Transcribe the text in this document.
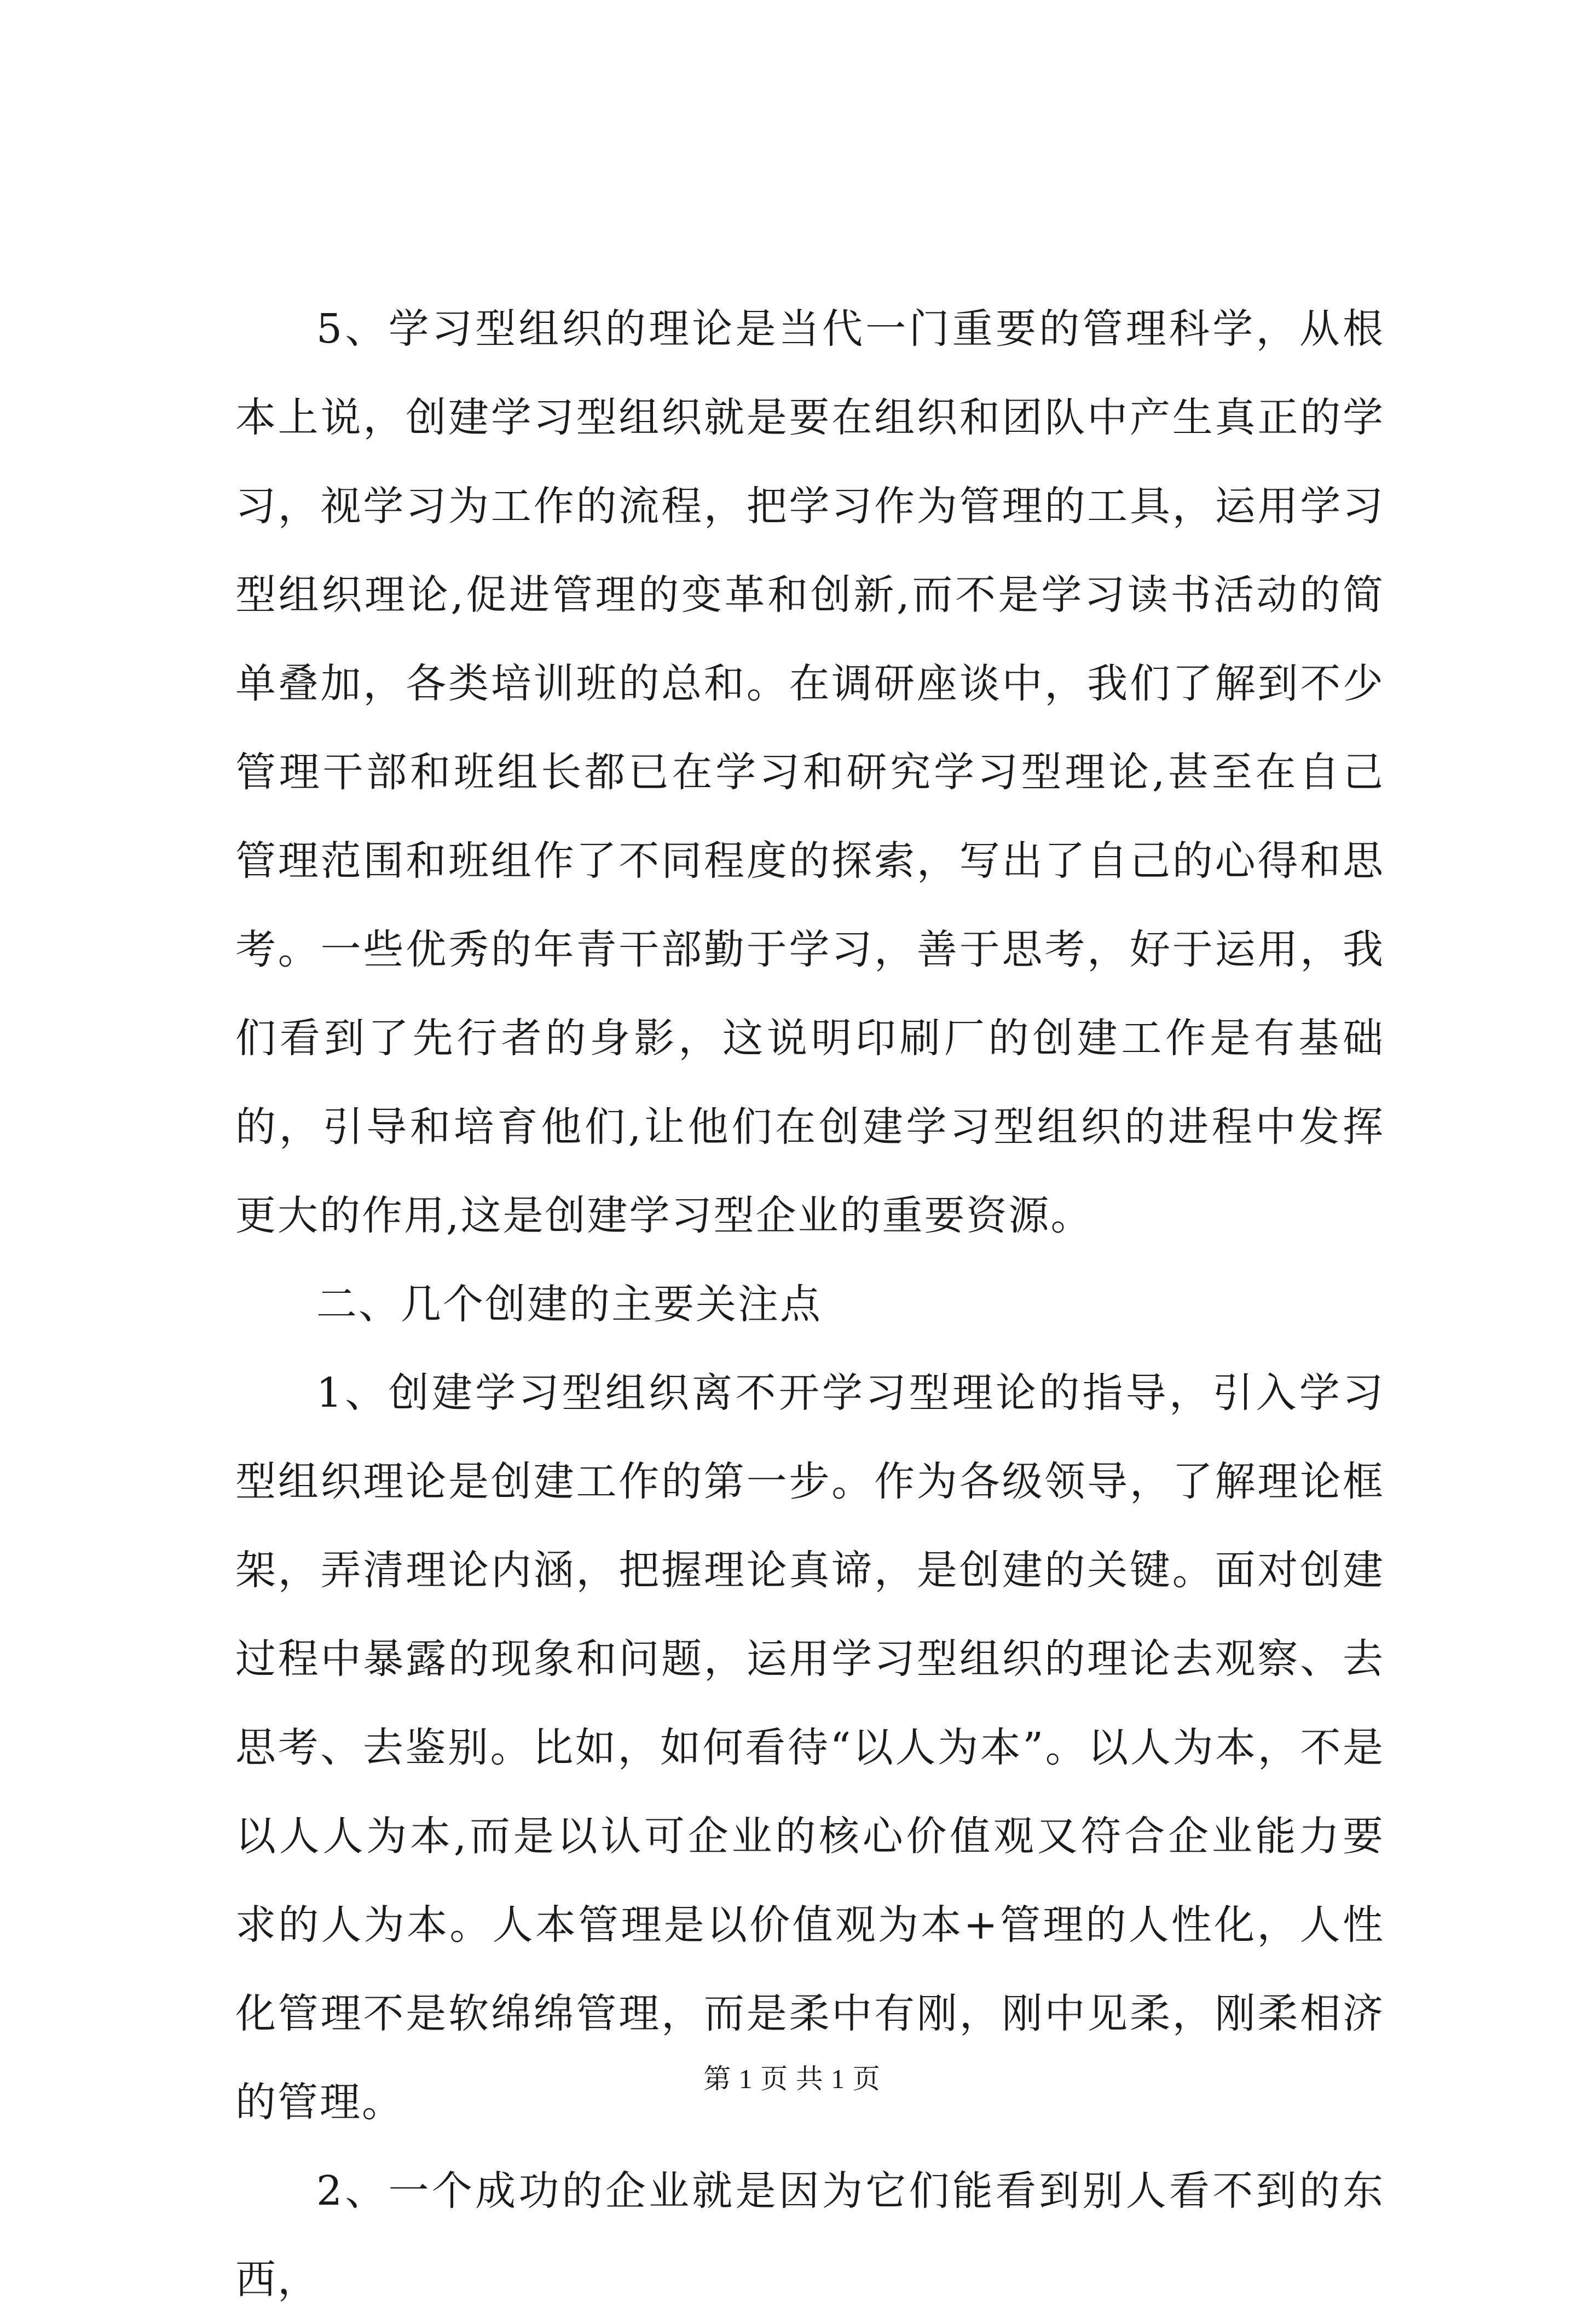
5、学习型组织的理论是当代一门重要的管理科学，从根本上说，创建学习型组织就是要在组织和团队中产生真正的学习，视学习为工作的流程，把学习作为管理的工具，运用学习型组织理论,促进管理的变革和创新,而不是学习读书活动的简单叠加，各类培训班的总和。在调研座谈中，我们了解到不少管理干部和班组长都已在学习和研究学习型理论,甚至在自己管理范围和班组作了不同程度的探索，写出了自己的心得和思考。一些优秀的年青干部勤于学习，善于思考，好于运用，我们看到了先行者的身影，这说明印刷厂的创建工作是有基础的，引导和培育他们,让他们在创建学习型组织的进程中发挥更大的作用,这是创建学习型企业的重要资源。

二、几个创建的主要关注点

1、创建学习型组织离不开学习型理论的指导，引入学习型组织理论是创建工作的第一步。作为各级领导，了解理论框架，弄清理论内涵，把握理论真谛，是创建的关键。面对创建过程中暴露的现象和问题，运用学习型组织的理论去观察、去思考、去鉴别。比如，如何看待“以人为本”。以人为本，不是以人人为本,而是以认可企业的核心价值观又符合企业能力要求的人为本。人本管理是以价值观为本+管理的人性化，人性化管理不是软绵绵管理，而是柔中有刚，刚中见柔，刚柔相济的管理。

2、一个成功的企业就是因为它们能看到别人看不到的东西，

第 1 页 共 1 页
